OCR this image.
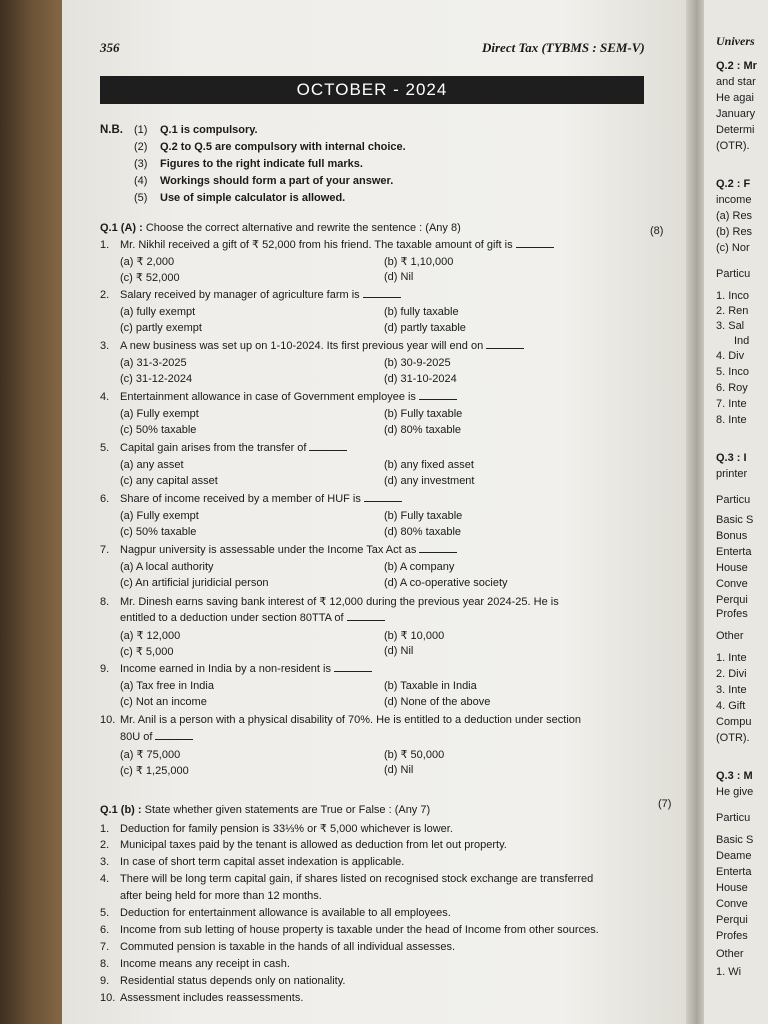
356	Direct Tax (TYBMS : SEM-V)
OCTOBER - 2024
N.B. (1) Q.1 is compulsory.
(2) Q.2 to Q.5 are compulsory with internal choice.
(3) Figures to the right indicate full marks.
(4) Workings should form a part of your answer.
(5) Use of simple calculator is allowed.
Q.1 (A) : Choose the correct alternative and rewrite the sentence : (Any 8)	(8)
1. Mr. Nikhil received a gift of ₹ 52,000 from his friend. The taxable amount of gift is
(a) ₹ 2,000	(b) ₹ 1,10,000
(c) ₹ 52,000	(d) Nil
2. Salary received by manager of agriculture farm is
(a) fully exempt	(b) fully taxable
(c) partly exempt	(d) partly taxable
3. A new business was set up on 1-10-2024. Its first previous year will end on
(a) 31-3-2025	(b) 30-9-2025
(c) 31-12-2024	(d) 31-10-2024
4. Entertainment allowance in case of Government employee is
(a) Fully exempt	(b) Fully taxable
(c) 50% taxable	(d) 80% taxable
5. Capital gain arises from the transfer of
(a) any asset	(b) any fixed asset
(c) any capital asset	(d) any investment
6. Share of income received by a member of HUF is
(a) Fully exempt	(b) Fully taxable
(c) 50% taxable	(d) 80% taxable
7. Nagpur university is assessable under the Income Tax Act as
(a) A local authority	(b) A company
(c) An artificial juridicial person	(d) A co-operative society
8. Mr. Dinesh earns saving bank interest of ₹ 12,000 during the previous year 2024-25. He is
entitled to a deduction under section 80TTA of
(a) ₹ 12,000	(b) ₹ 10,000
(c) ₹ 5,000	(d) Nil
9. Income earned in India by a non-resident is
(a) Tax free in India	(b) Taxable in India
(c) Not an income	(d) None of the above
10. Mr. Anil is a person with a physical disability of 70%. He is entitled to a deduction under section
80U of
(a) ₹ 75,000	(b) ₹ 50,000
(c) ₹ 1,25,000	(d) Nil
Q.1 (b) : State whether given statements are True or False : (Any 7)	(7)
1. Deduction for family pension is 33⅓% or ₹ 5,000 whichever is lower.
2. Municipal taxes paid by the tenant is allowed as deduction from let out property.
3. In case of short term capital asset indexation is applicable.
4. There will be long term capital gain, if shares listed on recognised stock exchange are transferred
after being held for more than 12 months.
5. Deduction for entertainment allowance is available to all employees.
6. Income from sub letting of house property is taxable under the head of Income from other sources.
7. Commuted pension is taxable in the hands of all individual assesses.
8. Income means any receipt in cash.
9. Residential status depends only on nationality.
10. Assessment includes reassessments.
Univers
Q.2 : Mr
and star
He agai
January
Determi
(OTR).
Q.2 : F
income
(a) Res
(b) Res
(c) Nor
Particu
1. Inco
2. Ren
3. Sal
Ind
4. Div
5. Inco
6. Roy
7. Inte
8. Inte
Q.3 : I
printer
Particu
Basic S
Bonus
Enterta
House
Conve
Perqui
Profes
Other
1. Inte
2. Divi
3. Inte
4. Gift
Compu
(OTR).
Q.3 : M
He give
Particu
Basic S
Deame
Enterta
House
Conve
Perqui
Profes
Other
1. Wi
